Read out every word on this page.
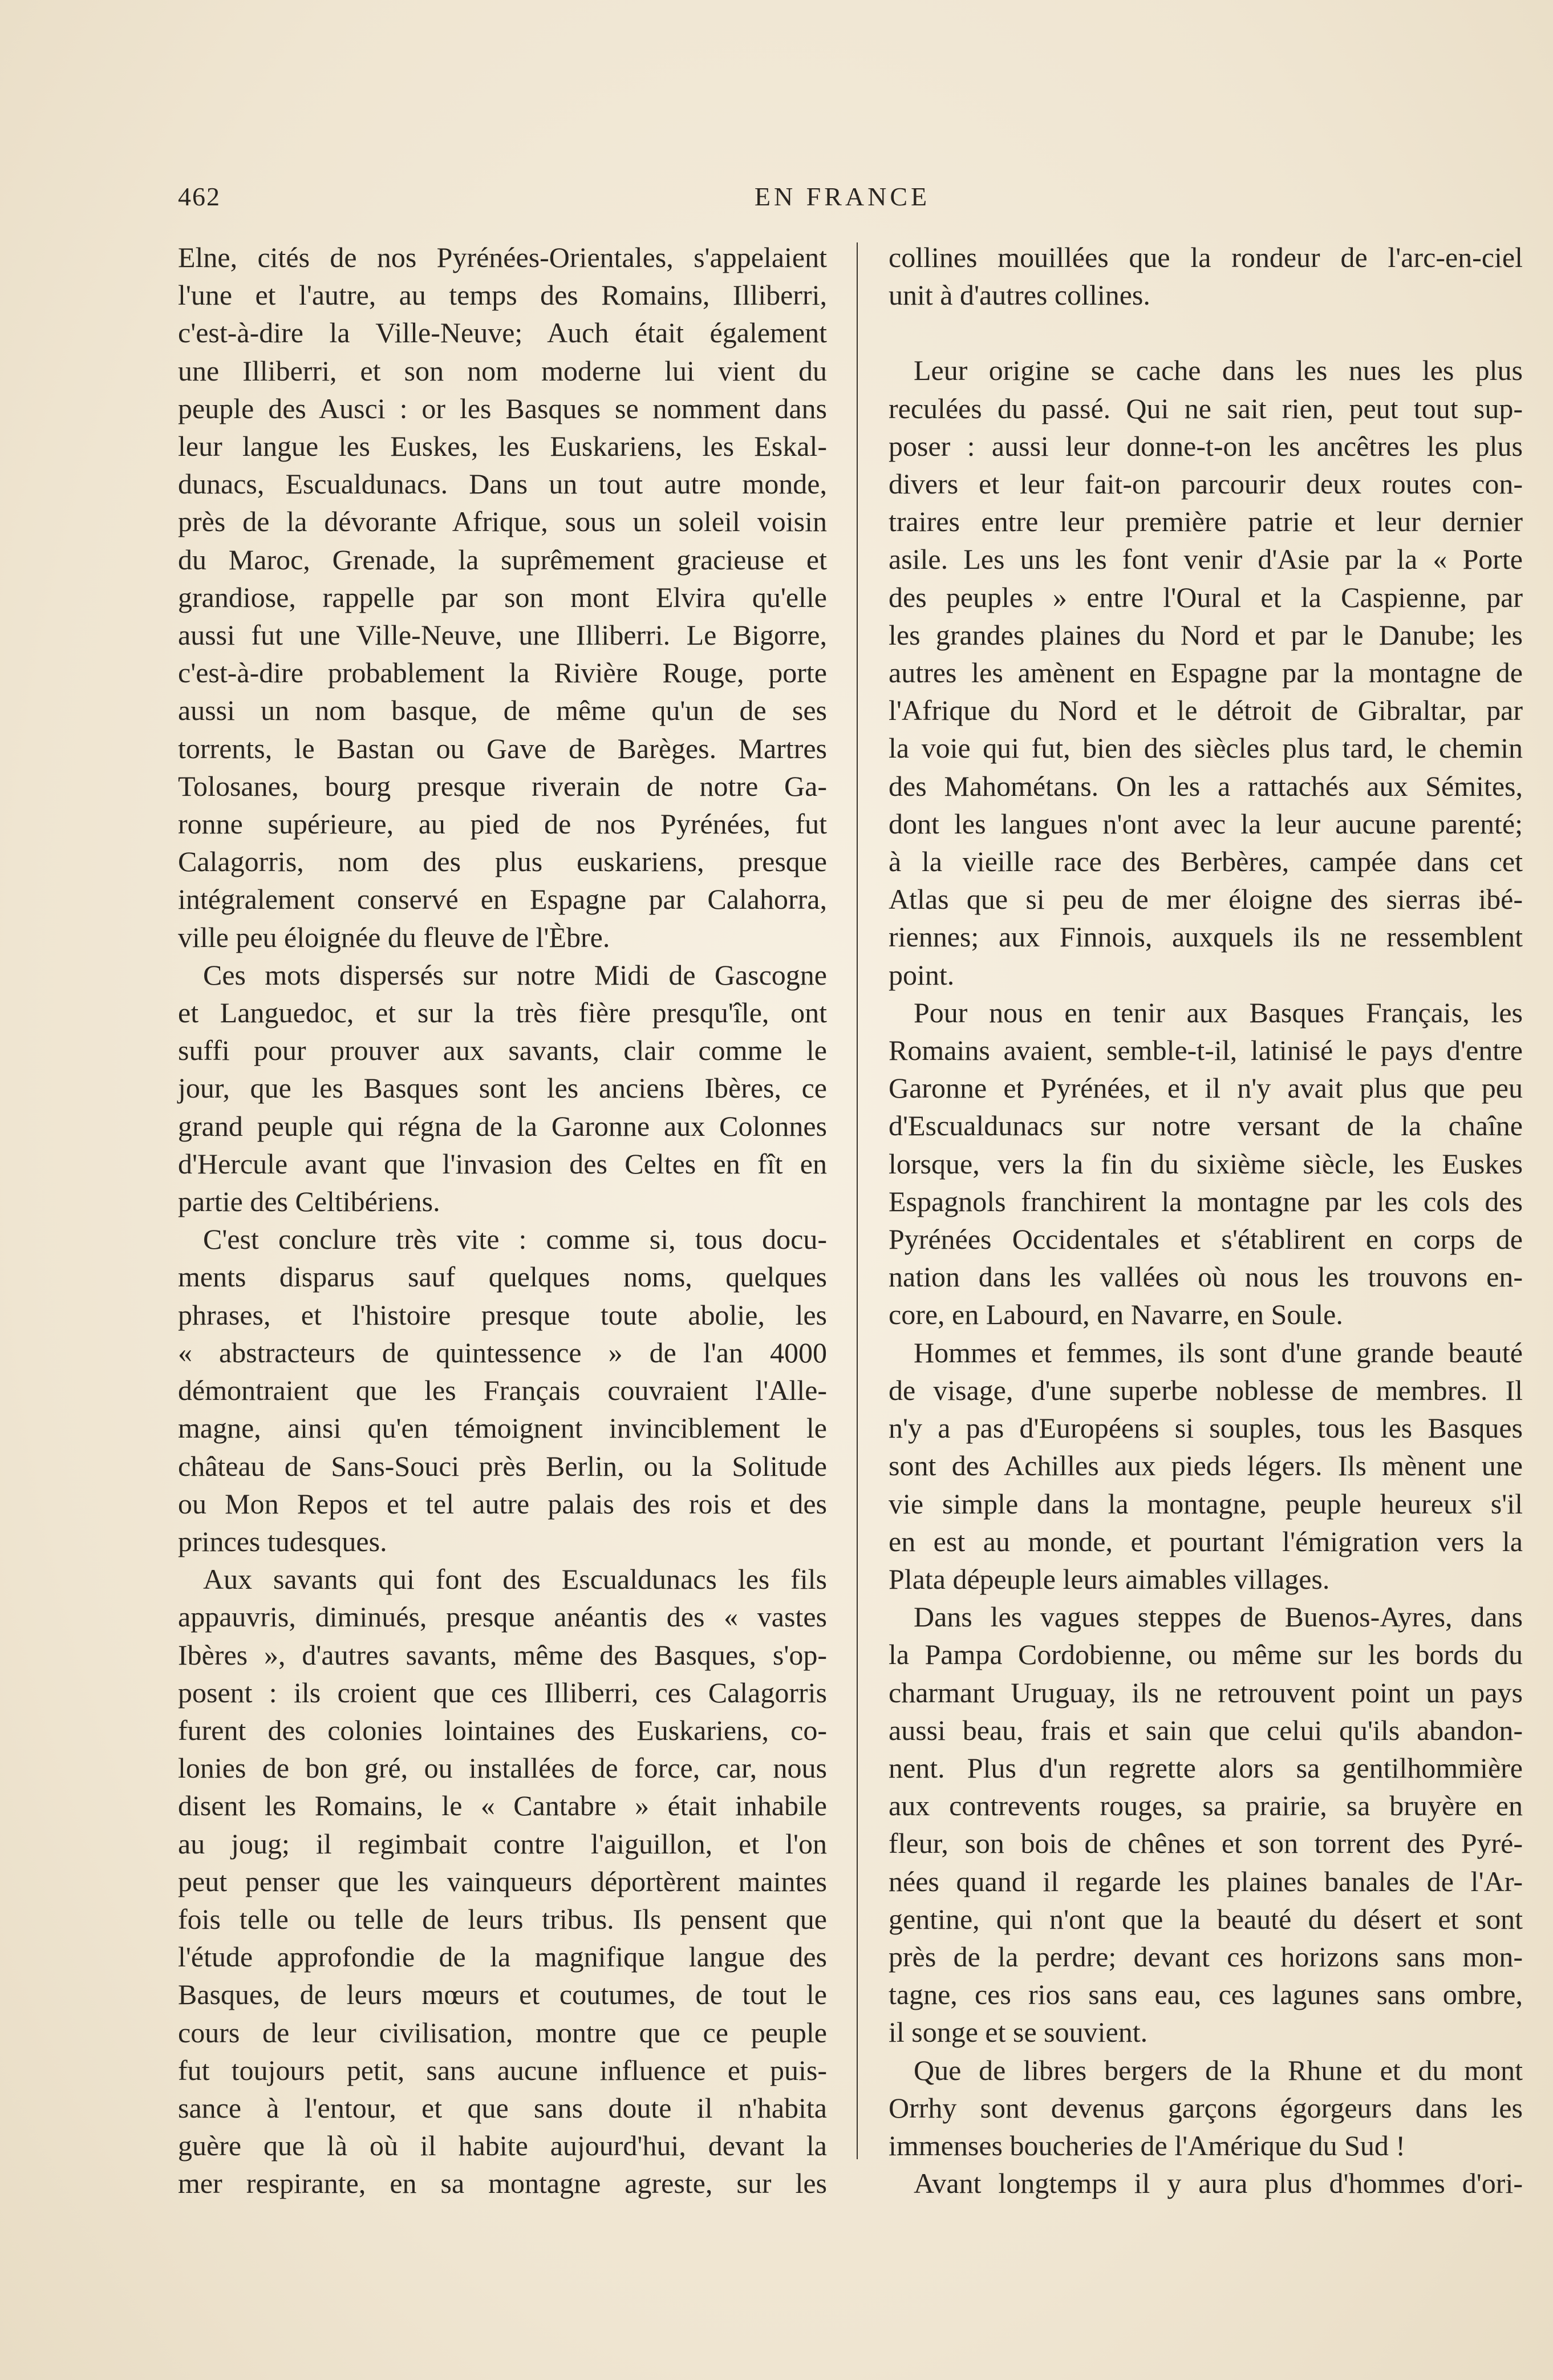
462	EN FRANCE
Elne, cités de nos Pyrénées-Orientales, s'appelaient
l'une et l'autre, au temps des Romains, Illiberri,
c'est-à-dire la Ville-Neuve; Auch était également
une Illiberri, et son nom moderne lui vient du
peuple des Ausci : or les Basques se nomment dans
leur langue les Euskes, les Euskariens, les Eskal-
dunacs, Escualdunacs. Dans un tout autre monde,
près de la dévorante Afrique, sous un soleil voisin
du Maroc, Grenade, la suprêmement gracieuse et
grandiose, rappelle par son mont Elvira qu'elle
aussi fut une Ville-Neuve, une Illiberri. Le Bigorre,
c'est-à-dire probablement la Rivière Rouge, porte
aussi un nom basque, de même qu'un de ses
torrents, le Bastan ou Gave de Barèges. Martres
Tolosanes, bourg presque riverain de notre Ga-
ronne supérieure, au pied de nos Pyrénées, fut
Calagorris, nom des plus euskariens, presque
intégralement conservé en Espagne par Calahorra,
ville peu éloignée du fleuve de l'Èbre.
Ces mots dispersés sur notre Midi de Gascogne
et Languedoc, et sur la très fière presqu'île, ont
suffi pour prouver aux savants, clair comme le
jour, que les Basques sont les anciens Ibères, ce
grand peuple qui régna de la Garonne aux Colonnes
d'Hercule avant que l'invasion des Celtes en fît en
partie des Celtibériens.
C'est conclure très vite : comme si, tous docu-
ments disparus sauf quelques noms, quelques
phrases, et l'histoire presque toute abolie, les
« abstracteurs de quintessence » de l'an 4000
démontraient que les Français couvraient l'Alle-
magne, ainsi qu'en témoignent invinciblement le
château de Sans-Souci près Berlin, ou la Solitude
ou Mon Repos et tel autre palais des rois et des
princes tudesques.
Aux savants qui font des Escualdunacs les fils
appauvris, diminués, presque anéantis des « vastes
Ibères », d'autres savants, même des Basques, s'op-
posent : ils croient que ces Illiberri, ces Calagorris
furent des colonies lointaines des Euskariens, co-
lonies de bon gré, ou installées de force, car, nous
disent les Romains, le « Cantabre » était inhabile
au joug; il regimbait contre l'aiguillon, et l'on
peut penser que les vainqueurs déportèrent maintes
fois telle ou telle de leurs tribus. Ils pensent que
l'étude approfondie de la magnifique langue des
Basques, de leurs mœurs et coutumes, de tout le
cours de leur civilisation, montre que ce peuple
fut toujours petit, sans aucune influence et puis-
sance à l'entour, et que sans doute il n'habita
guère que là où il habite aujourd'hui, devant la
mer respirante, en sa montagne agreste, sur les
collines mouillées que la rondeur de l'arc-en-ciel
unit à d'autres collines.
Leur origine se cache dans les nues les plus
reculées du passé. Qui ne sait rien, peut tout sup-
poser : aussi leur donne-t-on les ancêtres les plus
divers et leur fait-on parcourir deux routes con-
traires entre leur première patrie et leur dernier
asile. Les uns les font venir d'Asie par la « Porte
des peuples » entre l'Oural et la Caspienne, par
les grandes plaines du Nord et par le Danube; les
autres les amènent en Espagne par la montagne de
l'Afrique du Nord et le détroit de Gibraltar, par
la voie qui fut, bien des siècles plus tard, le chemin
des Mahométans. On les a rattachés aux Sémites,
dont les langues n'ont avec la leur aucune parenté;
à la vieille race des Berbères, campée dans cet
Atlas que si peu de mer éloigne des sierras ibé-
riennes; aux Finnois, auxquels ils ne ressemblent
point.
Pour nous en tenir aux Basques Français, les
Romains avaient, semble-t-il, latinisé le pays d'entre
Garonne et Pyrénées, et il n'y avait plus que peu
d'Escualdunacs sur notre versant de la chaîne
lorsque, vers la fin du sixième siècle, les Euskes
Espagnols franchirent la montagne par les cols des
Pyrénées Occidentales et s'établirent en corps de
nation dans les vallées où nous les trouvons en-
core, en Labourd, en Navarre, en Soule.
Hommes et femmes, ils sont d'une grande beauté
de visage, d'une superbe noblesse de membres. Il
n'y a pas d'Européens si souples, tous les Basques
sont des Achilles aux pieds légers. Ils mènent une
vie simple dans la montagne, peuple heureux s'il
en est au monde, et pourtant l'émigration vers la
Plata dépeuple leurs aimables villages.
Dans les vagues steppes de Buenos-Ayres, dans
la Pampa Cordobienne, ou même sur les bords du
charmant Uruguay, ils ne retrouvent point un pays
aussi beau, frais et sain que celui qu'ils abandon-
nent. Plus d'un regrette alors sa gentilhommière
aux contrevents rouges, sa prairie, sa bruyère en
fleur, son bois de chênes et son torrent des Pyré-
nées quand il regarde les plaines banales de l'Ar-
gentine, qui n'ont que la beauté du désert et sont
près de la perdre; devant ces horizons sans mon-
tagne, ces rios sans eau, ces lagunes sans ombre,
il songe et se souvient.
Que de libres bergers de la Rhune et du mont
Orrhy sont devenus garçons égorgeurs dans les
immenses boucheries de l'Amérique du Sud !
Avant longtemps il y aura plus d'hommes d'ori-
